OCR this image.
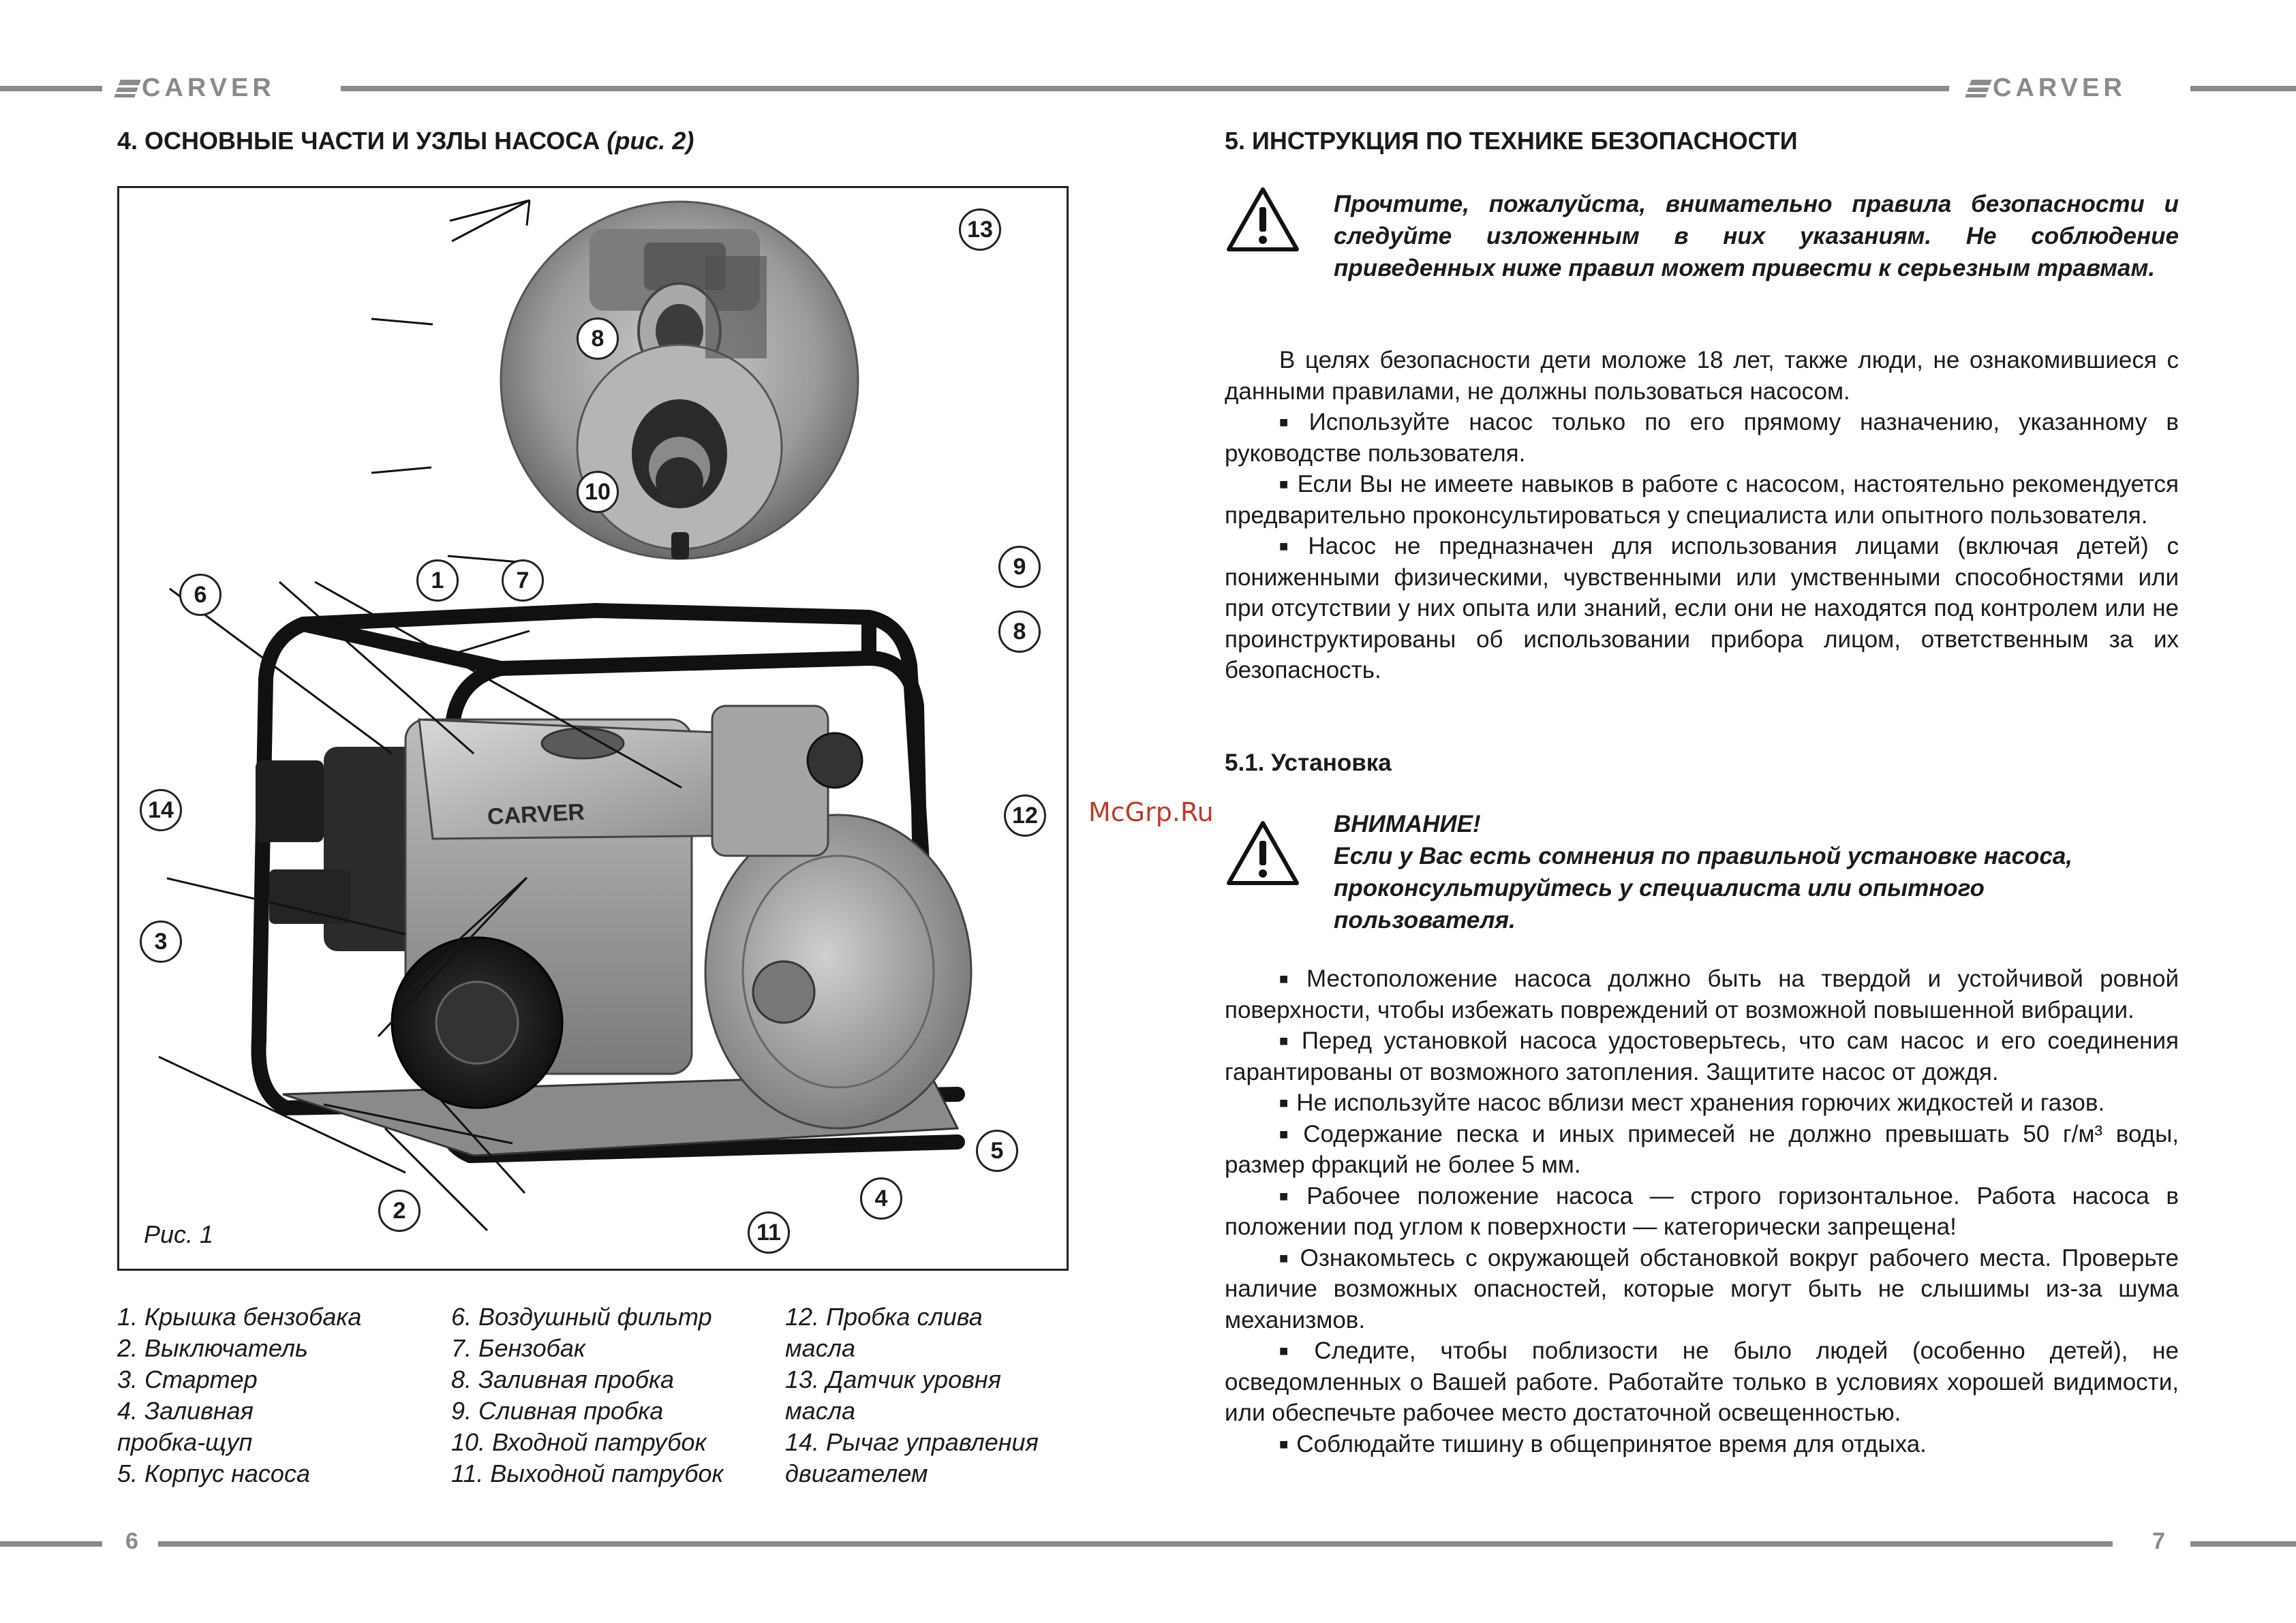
CARVER	CARVER
4. ОСНОВНЫЕ ЧАСТИ И УЗЛЫ НАСОСА (рис. 2)
CARVER
13
8
10
9
6
1	7
8
14	12
3
5
4
2
11
Рис. 1
1. Крышка бензобака
2. Выключатель
3. Стартер
4. Заливная
пробка-щуп
5. Корпус насоса
6. Воздушный фильтр
7. Бензобак
8. Заливная пробка
9. Сливная пробка
10. Входной патрубок
11. Выходной патрубок
12. Пробка слива
масла
13. Датчик уровня
масла
14. Рычаг управления
двигателем
5. ИНСТРУКЦИЯ ПО ТЕХНИКЕ БЕЗОПАСНОСТИ
Прочтите, пожалуйста, внимательно правила безопасности и следуйте изложенным в них указаниям. Не соблюдение приведенных ниже правил может привести к серьезным травмам.

В целях безопасности дети моложе 18 лет, также люди, не ознакомившиеся с данными правилами, не должны пользоваться насосом.

■ Используйте насос только по его прямому назначению, указанному в руководстве пользователя.

■ Если Вы не имеете навыков в работе с насосом, настоятельно рекомендуется предварительно проконсультироваться у специалиста или опытного пользователя.

■ Насос не предназначен для использования лицами (включая детей) с пониженными физическими, чувственными или умственными способностями или при отсутствии у них опыта или знаний, если они не находятся под контролем или не проинструктированы об использовании прибора лицом, ответственным за их безопасность.

5.1. Установка
McGrp.Ru	ВНИМАНИЕ!
Если у Вас есть сомнения по правильной установке насоса,
проконсультируйтесь у специалиста или опытного
пользователя.

■ Местоположение насоса должно быть на твердой и устойчивой ровной поверхности, чтобы избежать повреждений от возможной повышенной вибрации.

■ Перед установкой насоса удостоверьтесь, что сам насос и его соединения гарантированы от возможного затопления. Защитите насос от дождя.

■ Не используйте насос вблизи мест хранения горючих жидкостей и газов.

■ Содержание песка и иных примесей не должно превышать 50 г/м³ воды, размер фракций не более 5 мм.

■ Рабочее положение насоса — строго горизонтальное. Работа насоса в положении под углом к поверхности — категорически запрещена!

■ Ознакомьтесь с окружающей обстановкой вокруг рабочего места. Проверьте наличие возможных опасностей, которые могут быть не слышимы из-за шума механизмов.

■ Следите, чтобы поблизости не было людей (особенно детей), не осведомленных о Вашей работе. Работайте только в условиях хорошей видимости, или обеспечьте рабочее место достаточной освещенностью.

■ Соблюдайте тишину в общепринятое время для отдыха.

6	7
